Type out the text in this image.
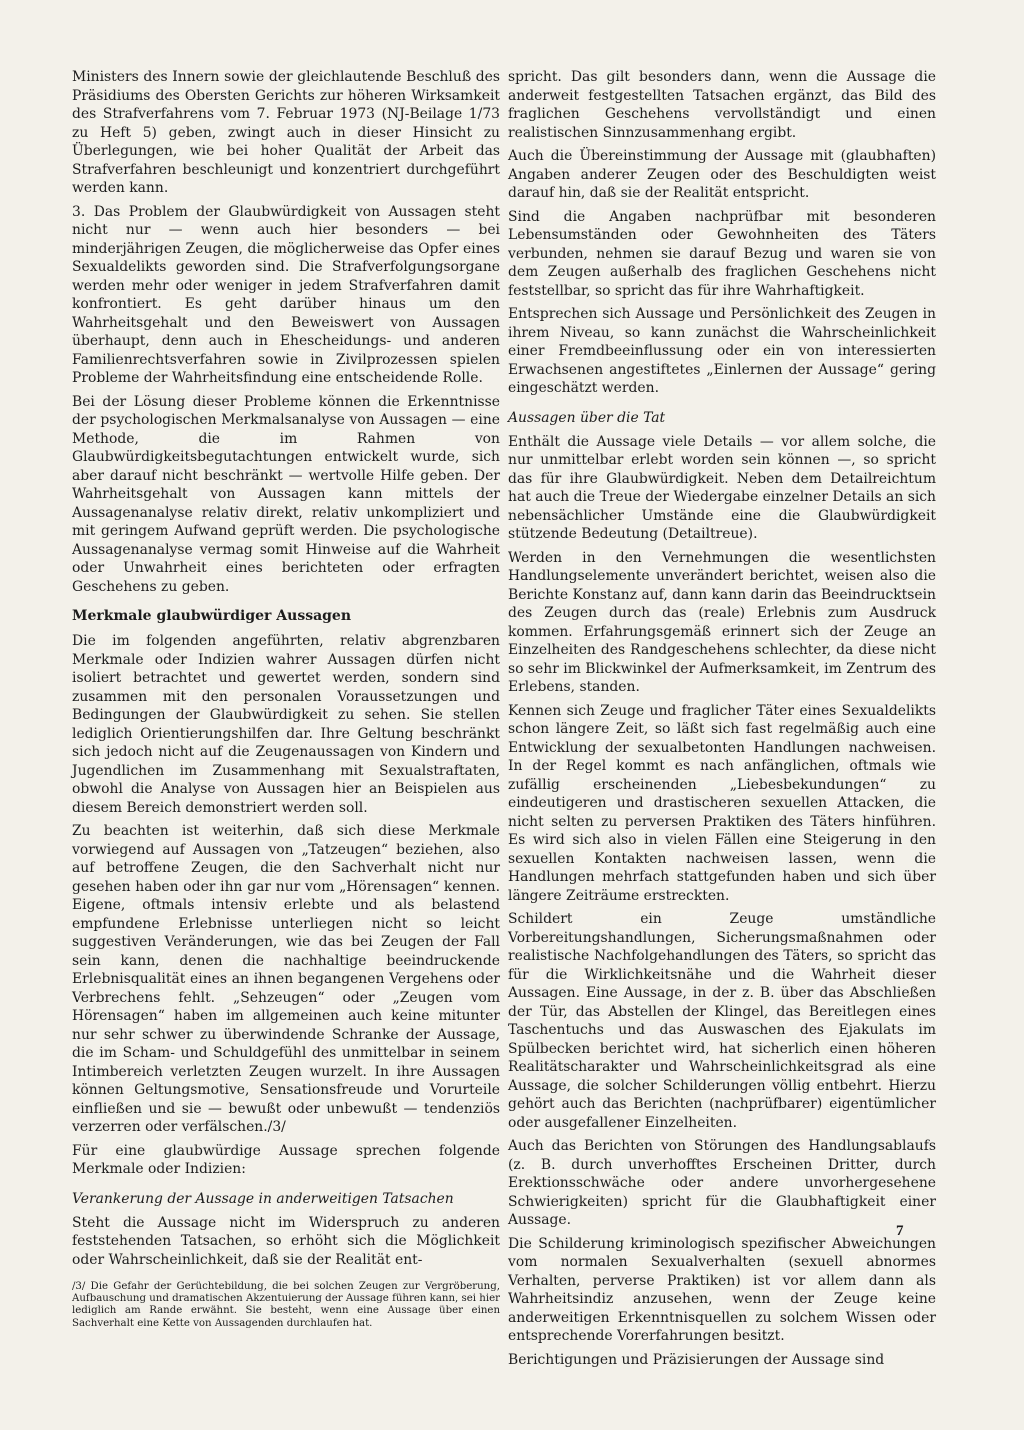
Ministers des Innern sowie der gleichlautende Beschluß des Präsidiums des Obersten Gerichts zur höheren Wirksamkeit des Strafverfahrens vom 7. Februar 1973 (NJ-Beilage 1/73 zu Heft 5) geben, zwingt auch in dieser Hinsicht zu Überlegungen, wie bei hoher Qualität der Arbeit das Strafverfahren beschleunigt und konzentriert durchgeführt werden kann.

3. Das Problem der Glaubwürdigkeit von Aussagen steht nicht nur — wenn auch hier besonders — bei minderjährigen Zeugen, die möglicherweise das Opfer eines Sexualdelikts geworden sind. Die Strafverfolgungsorgane werden mehr oder weniger in jedem Strafverfahren damit konfrontiert. Es geht darüber hinaus um den Wahrheitsgehalt und den Beweiswert von Aussagen überhaupt, denn auch in Ehescheidungs- und anderen Familienrechtsverfahren sowie in Zivilprozessen spielen Probleme der Wahrheitsfindung eine entscheidende Rolle.

Bei der Lösung dieser Probleme können die Erkenntnisse der psychologischen Merkmalsanalyse von Aussagen — eine Methode, die im Rahmen von Glaubwürdigkeitsbegutachtungen entwickelt wurde, sich aber darauf nicht beschränkt — wertvolle Hilfe geben. Der Wahrheitsgehalt von Aussagen kann mittels der Aussagenanalyse relativ direkt, relativ unkompliziert und mit geringem Aufwand geprüft werden. Die psychologische Aussagenanalyse vermag somit Hinweise auf die Wahrheit oder Unwahrheit eines berichteten oder erfragten Geschehens zu geben.

Merkmale glaubwürdiger Aussagen

Die im folgenden angeführten, relativ abgrenzbaren Merkmale oder Indizien wahrer Aussagen dürfen nicht isoliert betrachtet und gewertet werden, sondern sind zusammen mit den personalen Voraussetzungen und Bedingungen der Glaubwürdigkeit zu sehen. Sie stellen lediglich Orientierungshilfen dar. Ihre Geltung beschränkt sich jedoch nicht auf die Zeugenaussagen von Kindern und Jugendlichen im Zusammenhang mit Sexualstraftaten, obwohl die Analyse von Aussagen hier an Beispielen aus diesem Bereich demonstriert werden soll.

Zu beachten ist weiterhin, daß sich diese Merkmale vorwiegend auf Aussagen von „Tatzeugen“ beziehen, also auf betroffene Zeugen, die den Sachverhalt nicht nur gesehen haben oder ihn gar nur vom „Hörensagen“ kennen. Eigene, oftmals intensiv erlebte und als belastend empfundene Erlebnisse unterliegen nicht so leicht suggestiven Veränderungen, wie das bei Zeugen der Fall sein kann, denen die nachhaltige beeindruckende Erlebnisqualität eines an ihnen begangenen Vergehens oder Verbrechens fehlt. „Sehzeugen“ oder „Zeugen vom Hörensagen“ haben im allgemeinen auch keine mitunter nur sehr schwer zu überwindende Schranke der Aussage, die im Scham- und Schuldgefühl des unmittelbar in seinem Intimbereich verletzten Zeugen wurzelt. In ihre Aussagen können Geltungsmotive, Sensationsfreude und Vorurteile einfließen und sie — bewußt oder unbewußt — tendenziös verzerren oder verfälschen./3/

Für eine glaubwürdige Aussage sprechen folgende Merkmale oder Indizien:

Verankerung der Aussage in anderweitigen Tatsachen

Steht die Aussage nicht im Widerspruch zu anderen feststehenden Tatsachen, so erhöht sich die Möglichkeit oder Wahrscheinlichkeit, daß sie der Realität ent-

/3/ Die Gefahr der Gerüchtebildung, die bei solchen Zeugen zur Vergröberung, Aufbauschung und dramatischen Akzentuierung der Aussage führen kann, sei hier lediglich am Rande erwähnt. Sie besteht, wenn eine Aussage über einen Sachverhalt eine Kette von Aussagenden durchlaufen hat.

spricht. Das gilt besonders dann, wenn die Aussage die anderweit festgestellten Tatsachen ergänzt, das Bild des fraglichen Geschehens vervollständigt und einen realistischen Sinnzusammenhang ergibt.

Auch die Übereinstimmung der Aussage mit (glaubhaften) Angaben anderer Zeugen oder des Beschuldigten weist darauf hin, daß sie der Realität entspricht.

Sind die Angaben nachprüfbar mit besonderen Lebensumständen oder Gewohnheiten des Täters verbunden, nehmen sie darauf Bezug und waren sie von dem Zeugen außerhalb des fraglichen Geschehens nicht feststellbar, so spricht das für ihre Wahrhaftigkeit.

Entsprechen sich Aussage und Persönlichkeit des Zeugen in ihrem Niveau, so kann zunächst die Wahrscheinlichkeit einer Fremdbeeinflussung oder ein von interessierten Erwachsenen angestiftetes „Einlernen der Aussage“ gering eingeschätzt werden.

Aussagen über die Tat

Enthält die Aussage viele Details — vor allem solche, die nur unmittelbar erlebt worden sein können —, so spricht das für ihre Glaubwürdigkeit. Neben dem Detailreichtum hat auch die Treue der Wiedergabe einzelner Details an sich nebensächlicher Umstände eine die Glaubwürdigkeit stützende Bedeutung (Detailtreue).

Werden in den Vernehmungen die wesentlichsten Handlungselemente unverändert berichtet, weisen also die Berichte Konstanz auf, dann kann darin das Beeindrucktsein des Zeugen durch das (reale) Erlebnis zum Ausdruck kommen. Erfahrungsgemäß erinnert sich der Zeuge an Einzelheiten des Randgeschehens schlechter, da diese nicht so sehr im Blickwinkel der Aufmerksamkeit, im Zentrum des Erlebens, standen.

Kennen sich Zeuge und fraglicher Täter eines Sexualdelikts schon längere Zeit, so läßt sich fast regelmäßig auch eine Entwicklung der sexualbetonten Handlungen nachweisen. In der Regel kommt es nach anfänglichen, oftmals wie zufällig erscheinenden „Liebesbekundungen“ zu eindeutigeren und drastischeren sexuellen Attacken, die nicht selten zu perversen Praktiken des Täters hinführen. Es wird sich also in vielen Fällen eine Steigerung in den sexuellen Kontakten nachweisen lassen, wenn die Handlungen mehrfach stattgefunden haben und sich über längere Zeiträume erstreckten.

Schildert ein Zeuge umständliche Vorbereitungshandlungen, Sicherungsmaßnahmen oder realistische Nachfolgehandlungen des Täters, so spricht das für die Wirklichkeitsnähe und die Wahrheit dieser Aussagen. Eine Aussage, in der z. B. über das Abschließen der Tür, das Abstellen der Klingel, das Bereitlegen eines Taschentuchs und das Auswaschen des Ejakulats im Spülbecken berichtet wird, hat sicherlich einen höheren Realitätscharakter und Wahrscheinlichkeitsgrad als eine Aussage, die solcher Schilderungen völlig entbehrt. Hierzu gehört auch das Berichten (nachprüfbarer) eigentümlicher oder ausgefallener Einzelheiten.

Auch das Berichten von Störungen des Handlungsablaufs (z. B. durch unverhofftes Erscheinen Dritter, durch Erektionsschwäche oder andere unvorhergesehene Schwierigkeiten) spricht für die Glaubhaftigkeit einer Aussage.

Die Schilderung kriminologisch spezifischer Abweichungen vom normalen Sexualverhalten (sexuell abnormes Verhalten, perverse Praktiken) ist vor allem dann als Wahrheitsindiz anzusehen, wenn der Zeuge keine anderweitigen Erkenntnisquellen zu solchem Wissen oder entsprechende Vorerfahrungen besitzt.

Berichtigungen und Präzisierungen der Aussage sind

7
